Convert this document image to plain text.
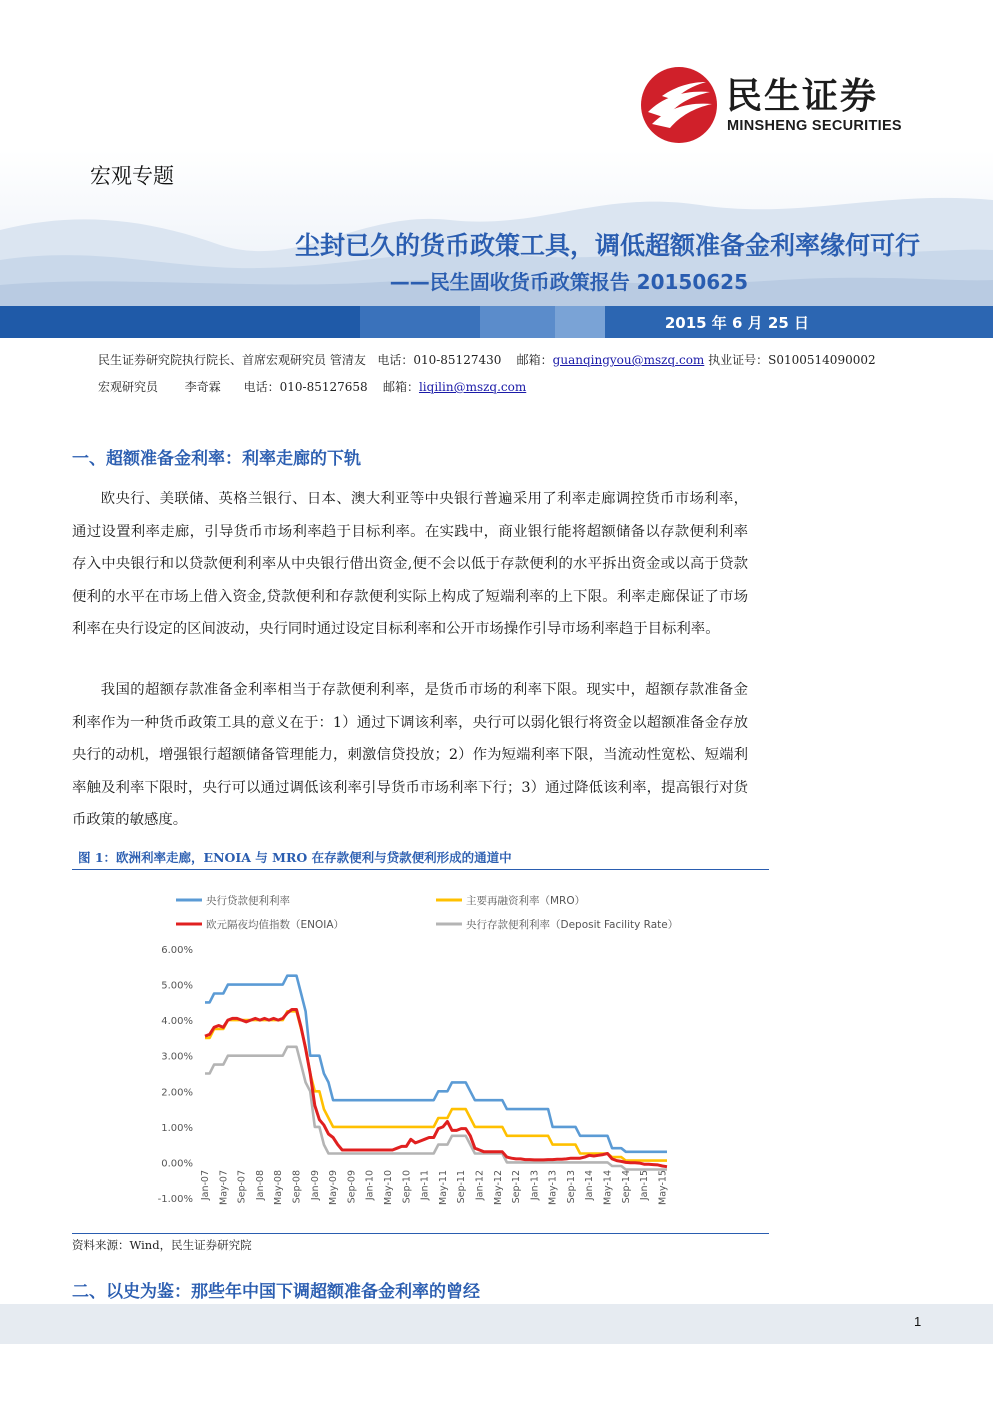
民生证券
MINSHENG SECURITIES
宏观专题
尘封已久的货币政策工具，调低超额准备金利率缘何可行
——民生固收货币政策报告 20150625
2015 年 6 月 25 日
民生证券研究院执行院长、首席宏观研究员 管清友 电话：010-85127430 邮箱：guanqingyou@mszq.com 执业证号：S0100514090002
宏观研究员 李奇霖 电话：010-85127658 邮箱：liqilin@mszq.com
一、超额准备金利率：利率走廊的下轨

欧央行、美联储、英格兰银行、日本、澳大利亚等中央银行普遍采用了利率走廊调控货币市场利率，通过设置利率走廊，引导货币市场利率趋于目标利率。在实践中，商业银行能将超额储备以存款便利利率存入中央银行和以贷款便利利率从中央银行借出资金,便不会以低于存款便利的水平拆出资金或以高于贷款便利的水平在市场上借入资金,贷款便利和存款便利实际上构成了短端利率的上下限。利率走廊保证了市场利率在央行设定的区间波动，央行同时通过设定目标利率和公开市场操作引导市场利率趋于目标利率。

我国的超额存款准备金利率相当于存款便利利率，是货币市场的利率下限。现实中，超额存款准备金利率作为一种货币政策工具的意义在于：1）通过下调该利率，央行可以弱化银行将资金以超额准备金存放央行的动机，增强银行超额储备管理能力，刺激信贷投放；2）作为短端利率下限，当流动性宽松、短端利率触及利率下限时，央行可以通过调低该利率引导货币市场利率下行；3）通过降低该利率，提高银行对货币政策的敏感度。

图 1：欧洲利率走廊，ENOIA 与 MRO 在存款便利与贷款便利形成的通道中
央行贷款便利利率	主要再融资利率（MRO）
欧元隔夜均值指数（ENOIA）	央行存款便利利率（Deposit Facility Rate）
6.00%
5.00%
4.00%
3.00%
2.00%
1.00%
0.00%
-1.00% Jan-07 May-07 Sep-07 Jan-08 May-08 Sep-08 Jan-09 May-09 Sep-09 Jan-10 May-10 Sep-10 Jan-11 May-11 Sep-11 Jan-12 May-12 Sep-12 Jan-13 May-13 Sep-13 Jan-14 May-14 Sep-14 Jan-15 May-15
资料来源：Wind，民生证券研究院
二、以史为鉴：那些年中国下调超额准备金利率的曾经
1
